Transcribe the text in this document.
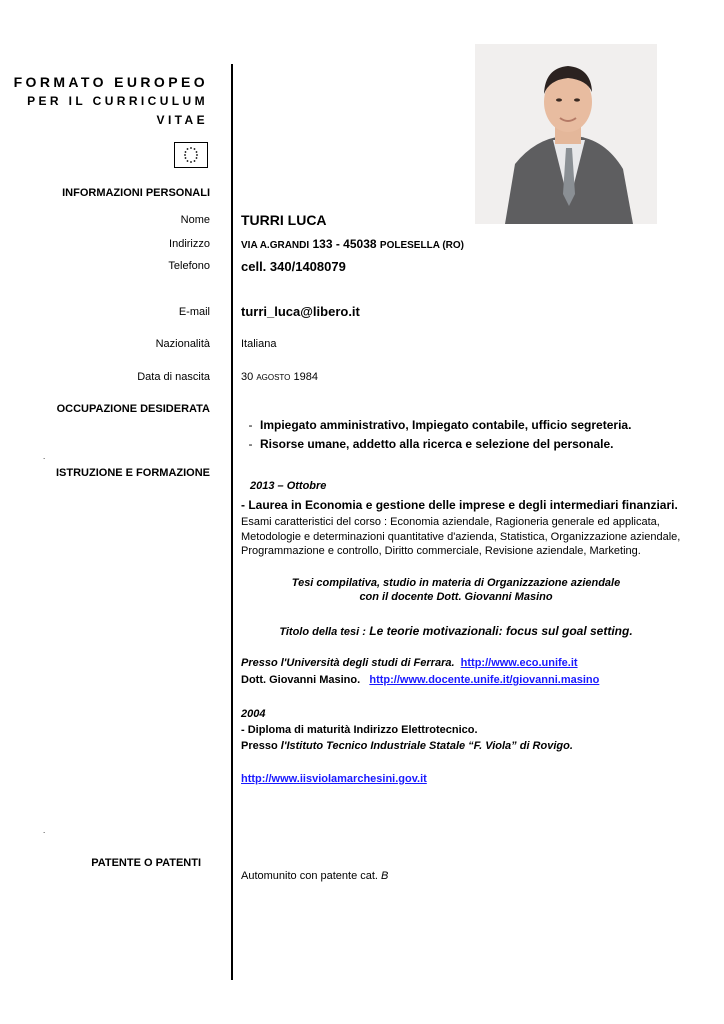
FORMATO EUROPEO
PER IL CURRICULUM
VITAE
INFORMAZIONI PERSONALI
Nome TURRI LUCA
Indirizzo	VIA A.GRANDI 133 - 45038 POLESELLA (RO)
Telefono cell. 340/1408079
E-mail turri_luca@libero.it
Nazionalità	Italiana
Data di nascita	30 AGOSTO 1984
OCCUPAZIONE DESIDERATA
- Impiegato amministrativo, Impiegato contabile, ufficio segreteria.
- Risorse umane, addetto alla ricerca e selezione del personale.
.
ISTRUZIONE E FORMAZIONE
2013 – Ottobre
- Laurea in Economia e gestione delle imprese e degli intermediari finanziari.
Esami caratteristici del corso : Economia aziendale, Ragioneria generale ed applicata,
Metodologie e determinazioni quantitative d'azienda, Statistica, Organizzazione aziendale,
Programmazione e controllo, Diritto commerciale, Revisione aziendale, Marketing.
Tesi compilativa, studio in materia di Organizzazione aziendale
con il docente Dott. Giovanni Masino
Titolo della tesi : Le teorie motivazionali: focus sul goal setting.
Presso l'Università degli studi di Ferrara. http://www.eco.unife.it
Dott. Giovanni Masino. http://www.docente.unife.it/giovanni.masino
2004
- Diploma di maturità Indirizzo Elettrotecnico.
Presso l'Istituto Tecnico Industriale Statale “F. Viola” di Rovigo.
http://www.iisviolamarchesini.gov.it
.
PATENTE O PATENTI
Automunito con patente cat. B
